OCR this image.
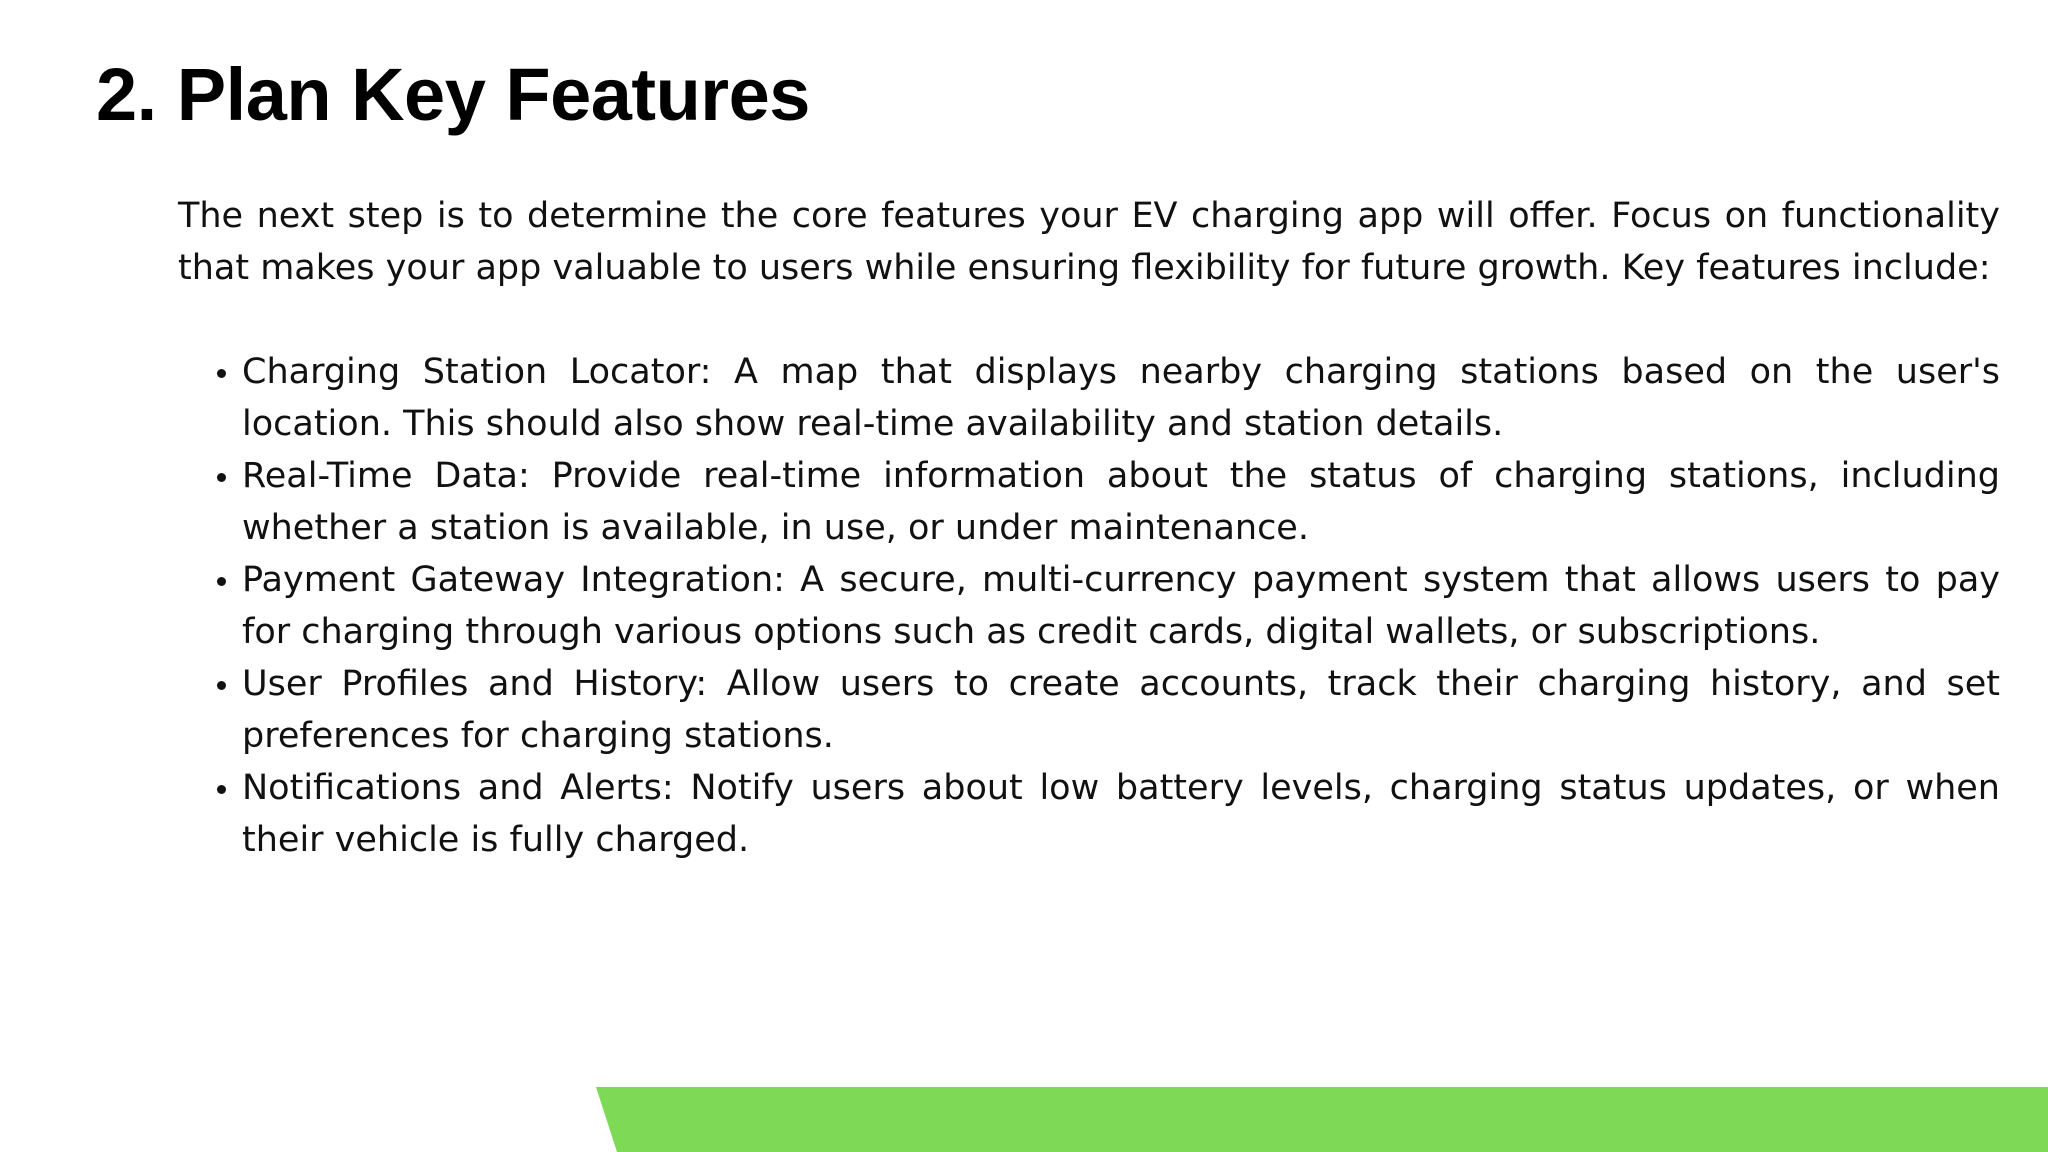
2. Plan Key Features

The next step is to determine the core features your EV charging app will offer. Focus on functionality that makes your app valuable to users while ensuring flexibility for future growth. Key features include:

• Charging Station Locator: A map that displays nearby charging stations based on the user's location. This should also show real-time availability and station details.
• Real-Time Data: Provide real-time information about the status of charging stations, including whether a station is available, in use, or under maintenance.
• Payment Gateway Integration: A secure, multi-currency payment system that allows users to pay for charging through various options such as credit cards, digital wallets, or subscriptions.
• User Profiles and History: Allow users to create accounts, track their charging history, and set preferences for charging stations.
• Notifications and Alerts: Notify users about low battery levels, charging status updates, or when their vehicle is fully charged.
